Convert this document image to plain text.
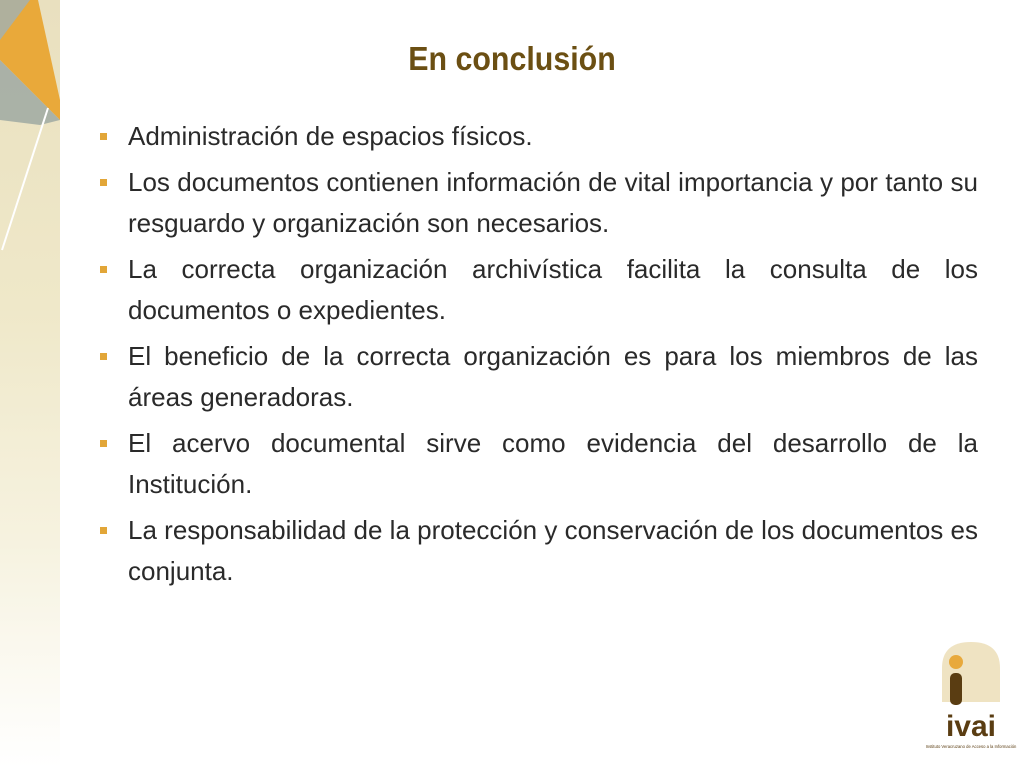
En conclusión
Administración de espacios físicos.
Los documentos contienen información de vital importancia y por tanto su resguardo y organización son necesarios.
La correcta organización archivística facilita la consulta de los documentos o expedientes.
El beneficio de la correcta organización es para los miembros de las áreas generadoras.
El acervo documental sirve como evidencia del desarrollo de la Institución.
La responsabilidad de la protección y conservación de los documentos es conjunta.
ivai
Instituto Veracruzano de Acceso a la Información
